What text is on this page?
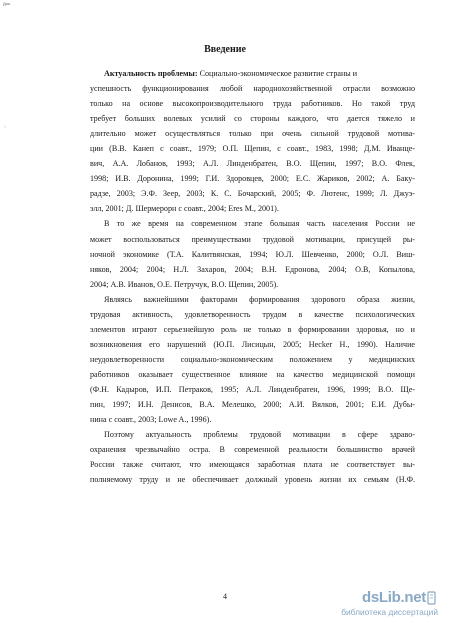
Док.
'·
Введение
Актуальность проблемы: Социально-экономическое развитие страны и
успешность функционирования любой народнохозяйственной отрасли возможно
только на основе высокопроизводительного труда работников. Но такой труд
требует больших волевых усилий со стороны каждого, что дается тяжело и
длительно может осуществляться только при очень сильной трудовой мотива-
ции (В.В. Канеп с соавт., 1979; О.П. Щепин, с соавт., 1983, 1998; Д.М. Иванце-
вич, А.А. Лобанов, 1993; А.Л. Линденбратен, В.О. Щепин, 1997; В.О. Флек,
1998; И.В. Доронина, 1999; Г.И. Здоровцев, 2000; Е.С. Жариков, 2002; А. Баку-
радзе, 2003; Э.Ф. Зеер, 2003; К. С. Бочарский, 2005; Ф. Лютенс, 1999; Л. Джуэ-
элл, 2001; Д. Шермерорн с соавт., 2004; Eres M., 2001).
В то же время на современном этапе большая часть населения России не
может воспользоваться преимуществами трудовой мотивации, присущей ры-
ночной экономике (Т.А. Калитвянская, 1994; Ю.Л. Шевченко, 2000; О.Л. Виш-
няков, 2004; 2004; Н.Л. Захаров, 2004; В.Н. Едронова, 2004; О.В, Копылова,
2004; А.В. Иванов, О.Е. Петручук, В.О. Щепин, 2005).
Являясь важнейшими факторами формирования здорового образа жизни,
трудовая активность, удовлетворенность трудом в качестве психологических
элементов играют серьезнейшую роль не только в формировании здоровья, но и
возникновения его нарушений (Ю.П. Лисицын, 2005; Hecker H., 1990). Наличие
неудовлетворенности социально-экономическим положением у медицинских
работников оказывает существенное влияние на качество медицинской помощи
(Ф.Н. Кадыров, И.П. Петраков, 1995; А.Л. Линденбратен, 1996, 1999; В.О. Ще-
пин, 1997; И.Н. Денисов, В.А. Мелешко, 2000; А.И. Вялков, 2001; Е.И. Дубы-
нина с соавт., 2003; Lowe A., 1996).
Поэтому актуальность проблемы трудовой мотивации в сфере здраво-
охранения чрезвычайно остра. В современной реальности большинство врачей
России также считают, что имеющаяся заработная плата не соответствует вы-
полняемому труду и не обеспечивает должный уровень жизни их семьям (Н.Ф.
4	dsLib.net
библиотека диссертаций
